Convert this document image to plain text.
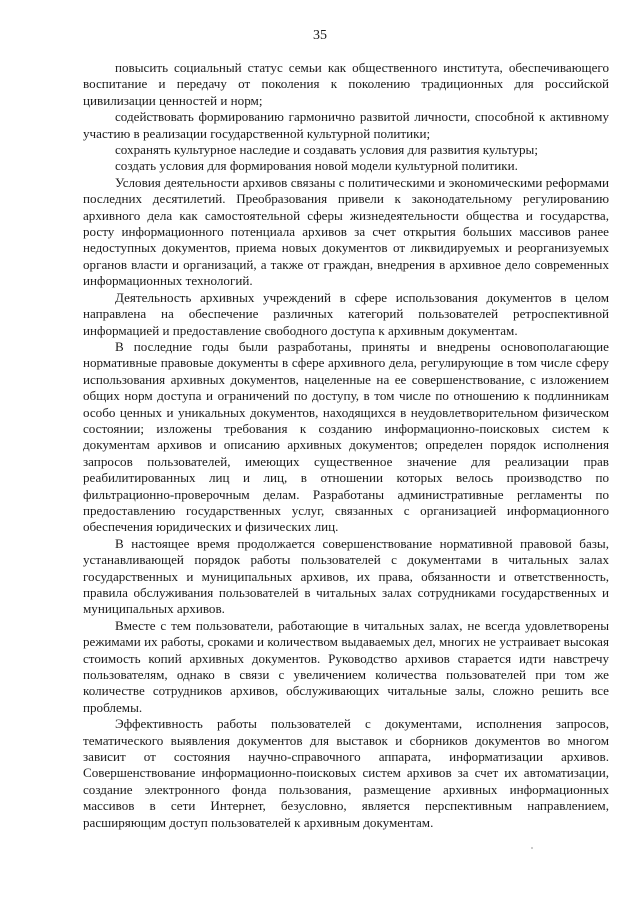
35

повысить социальный статус семьи как общественного института, обеспечивающего воспитание и передачу от поколения к поколению традиционных для российской цивилизации ценностей и норм;

содействовать формированию гармонично развитой личности, способной к активному участию в реализации государственной культурной политики;

сохранять культурное наследие и создавать условия для развития культуры;

создать условия для формирования новой модели культурной политики.

Условия деятельности архивов связаны с политическими и экономическими реформами последних десятилетий. Преобразования привели к законодательному регулированию архивного дела как самостоятельной сферы жизнедеятельности общества и государства, росту информационного потенциала архивов за счет открытия больших массивов ранее недоступных документов, приема новых документов от ликвидируемых и реорганизуемых органов власти и организаций, а также от граждан, внедрения в архивное дело современных информационных технологий.

Деятельность архивных учреждений в сфере использования документов в целом направлена на обеспечение различных категорий пользователей ретроспективной информацией и предоставление свободного доступа к архивным документам.

В последние годы были разработаны, приняты и внедрены основополагающие нормативные правовые документы в сфере архивного дела, регулирующие в том числе сферу использования архивных документов, нацеленные на ее совершенствование, с изложением общих норм доступа и ограничений по доступу, в том числе по отношению к подлинникам особо ценных и уникальных документов, находящихся в неудовлетворительном физическом состоянии; изложены требования к созданию информационно-поисковых систем к документам архивов и описанию архивных документов; определен порядок исполнения запросов пользователей, имеющих существенное значение для реализации прав реабилитированных лиц и лиц, в отношении которых велось производство по фильтрационно-проверочным делам. Разработаны административные регламенты по предоставлению государственных услуг, связанных с организацией информационного обеспечения юридических и физических лиц.

В настоящее время продолжается совершенствование нормативной правовой базы, устанавливающей порядок работы пользователей с документами в читальных залах государственных и муниципальных архивов, их права, обязанности и ответственность, правила обслуживания пользователей в читальных залах сотрудниками государственных и муниципальных архивов.

Вместе с тем пользователи, работающие в читальных залах, не всегда удовлетворены режимами их работы, сроками и количеством выдаваемых дел, многих не устраивает высокая стоимость копий архивных документов. Руководство архивов старается идти навстречу пользователям, однако в связи с увеличением количества пользователей при том же количестве сотрудников архивов, обслуживающих читальные залы, сложно решить все проблемы.

Эффективность работы пользователей с документами, исполнения запросов, тематического выявления документов для выставок и сборников документов во многом зависит от состояния научно-справочного аппарата, информатизации архивов. Совершенствование информационно-поисковых систем архивов за счет их автоматизации, создание электронного фонда пользования, размещение архивных информационных массивов в сети Интернет, безусловно, является перспективным направлением, расширяющим доступ пользователей к архивным документам.
